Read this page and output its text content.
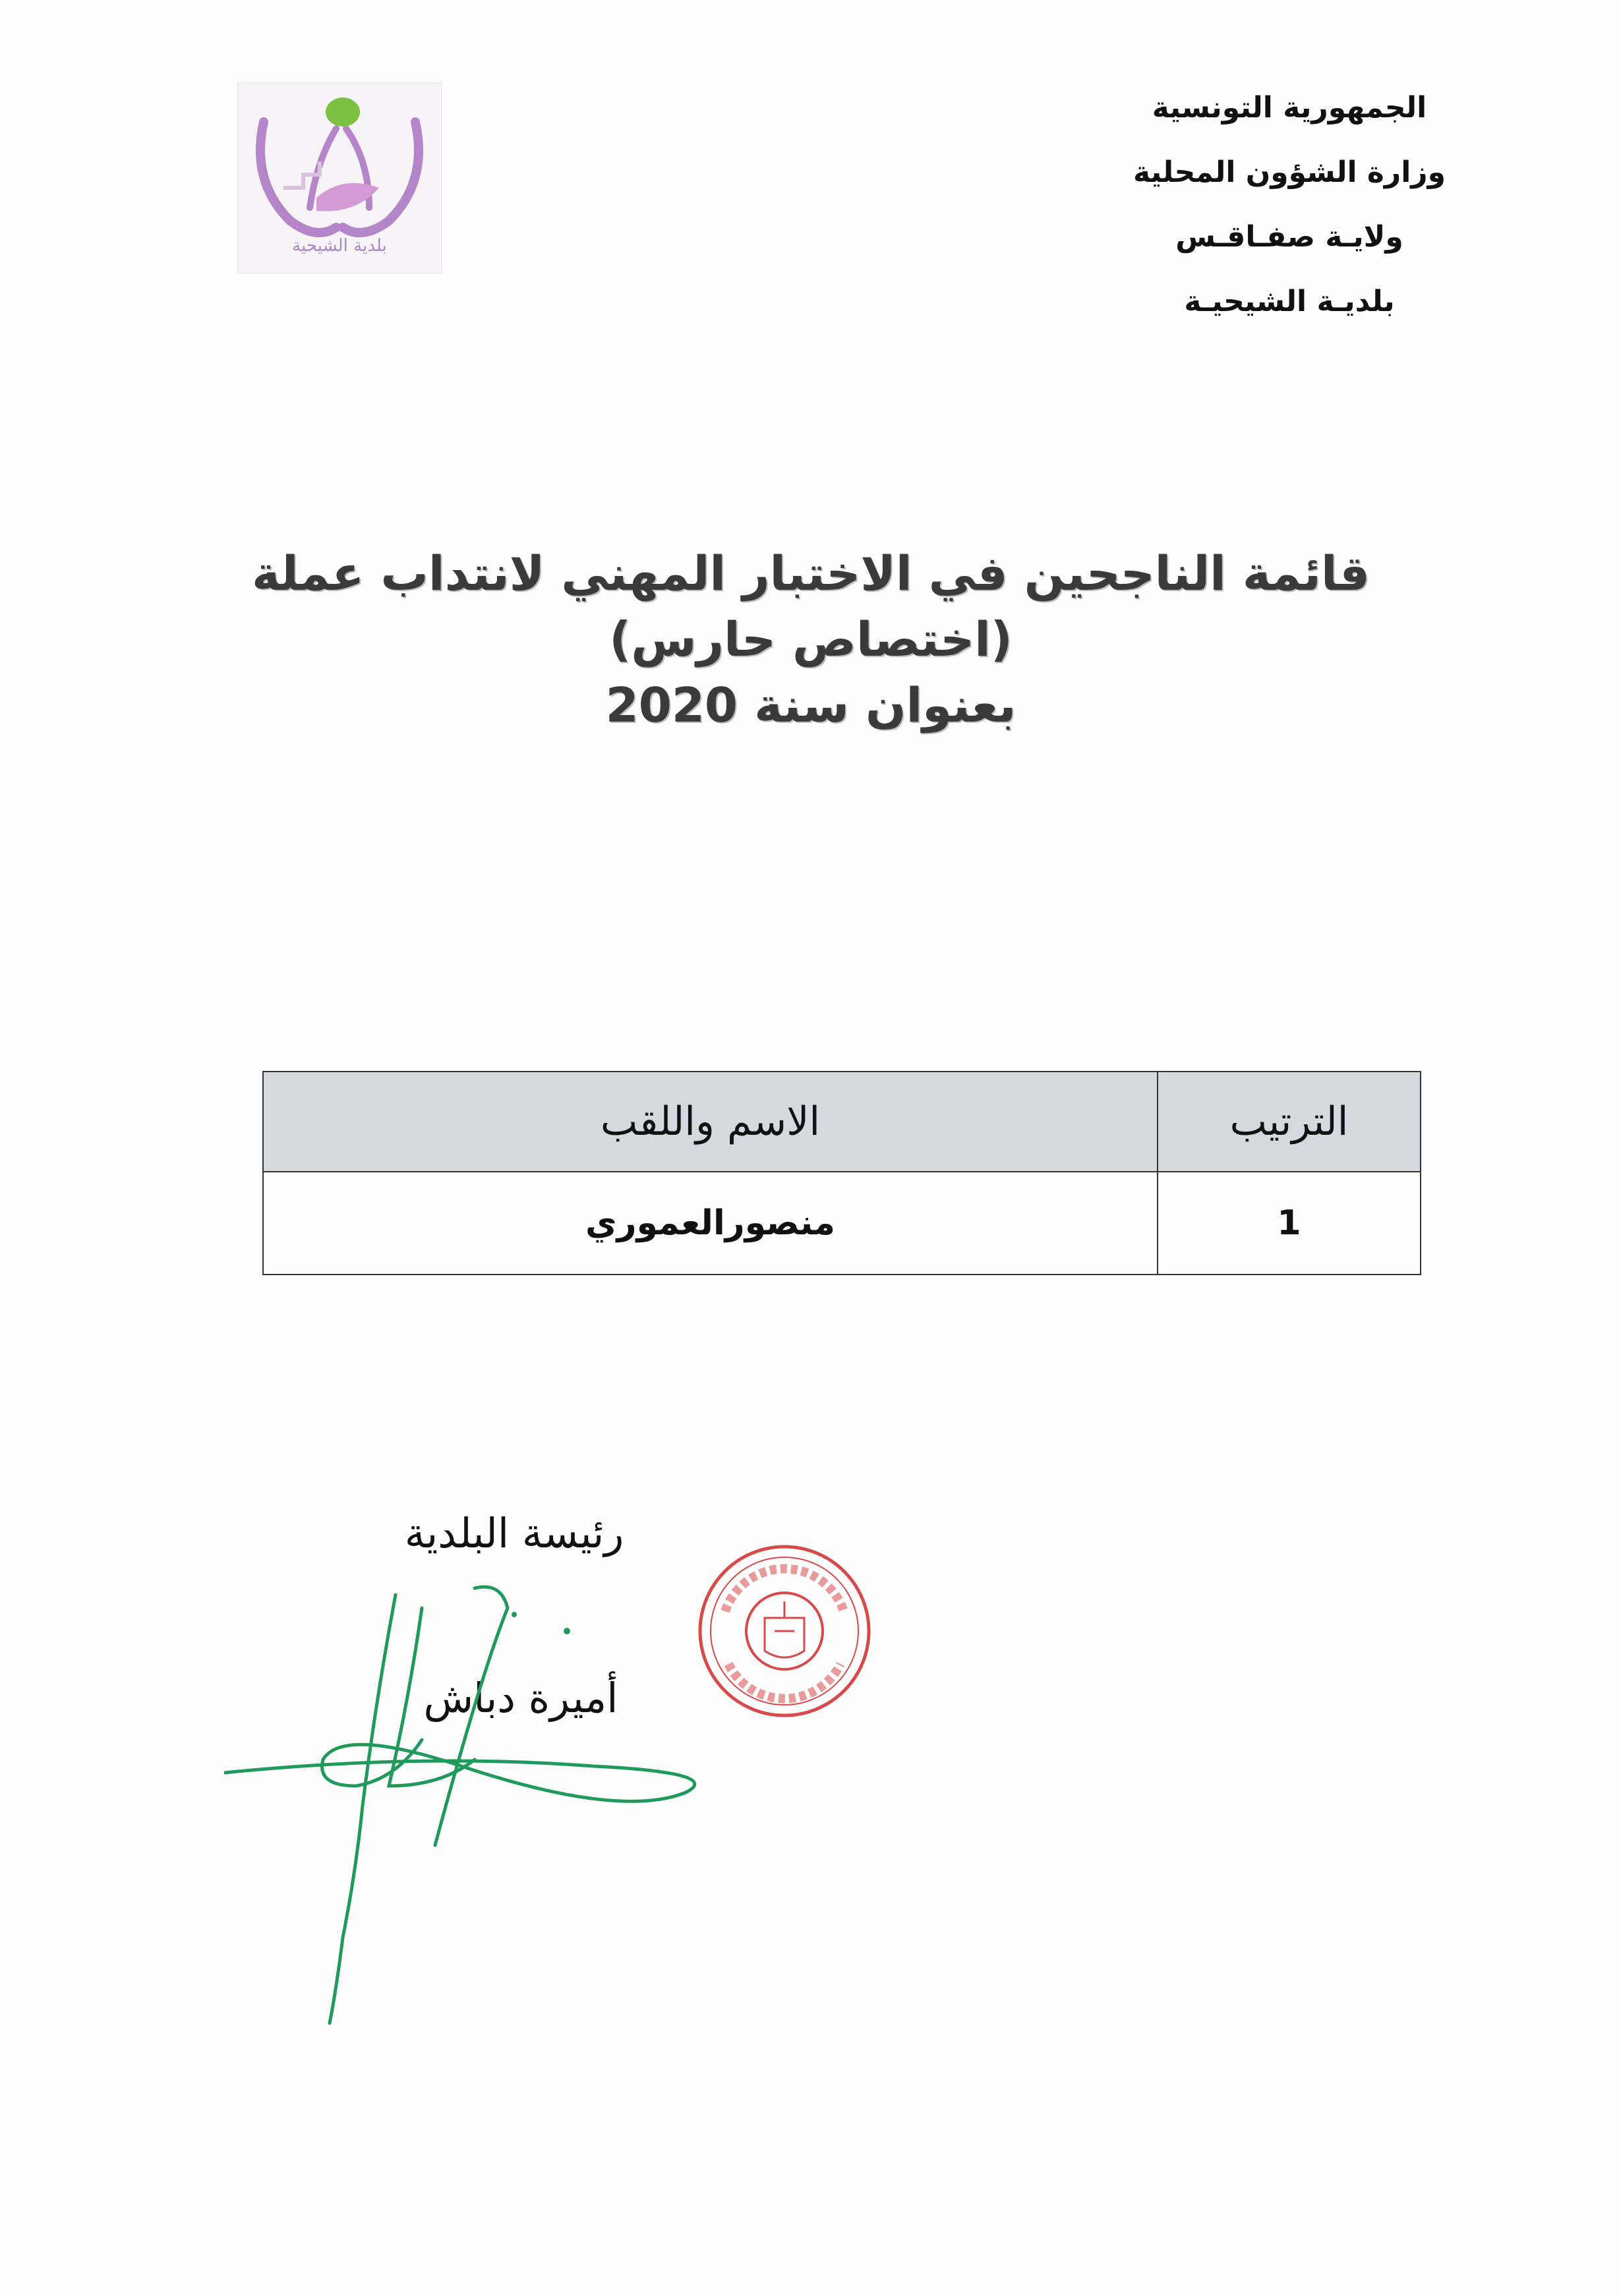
الجمهورية التونسية
وزارة الشؤون المحلية
ولايـة صفـاقـس
بلديـة الشيحيـة
بلدية الشيحية
قائمة الناجحين في الاختبار المهني لانتداب عملة
(اختصاص حارس)
بعنوان سنة 2020
الترتيب	الاسم واللقب
1	منصورالعموري
رئيسة البلدية
أميرة دباش
